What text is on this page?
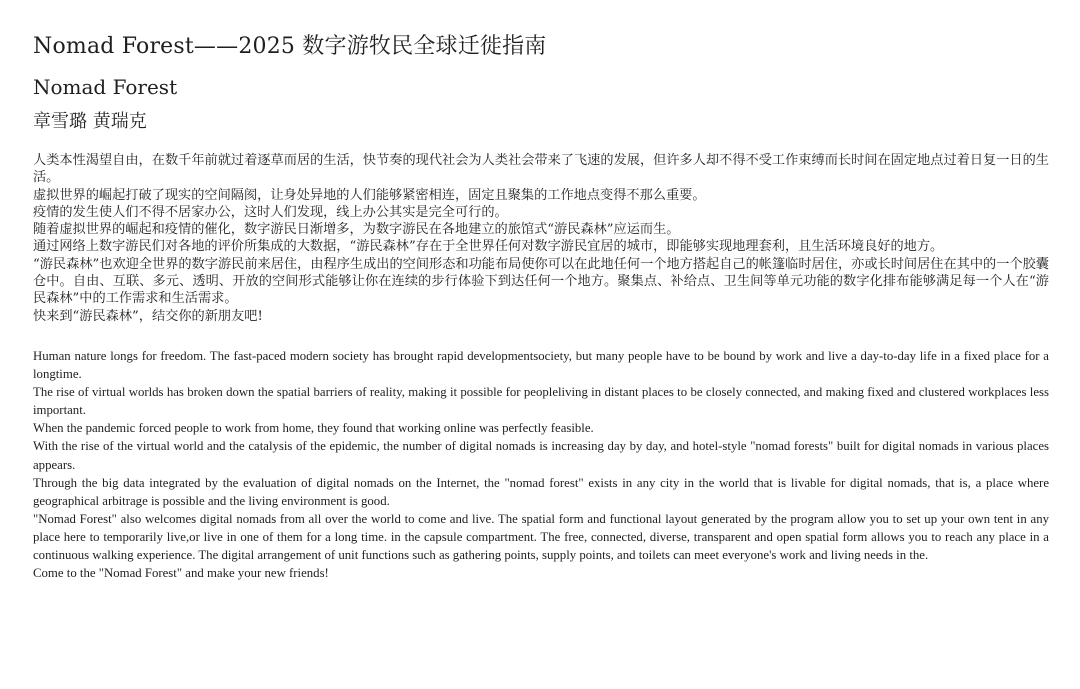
Nomad Forest——2025 数字游牧民全球迁徙指南
Nomad Forest
章雪璐 黄瑞克

人类本性渴望自由，在数千年前就过着逐草而居的生活，快节奏的现代社会为人类社会带来了飞速的发展，但许多人却不得不受工作束缚而长时间在固定地点过着日复一日的生活。

虚拟世界的崛起打破了现实的空间隔阂，让身处异地的人们能够紧密相连，固定且聚集的工作地点变得不那么重要。

疫情的发生使人们不得不居家办公，这时人们发现，线上办公其实是完全可行的。

随着虚拟世界的崛起和疫情的催化，数字游民日渐增多，为数字游民在各地建立的旅馆式“游民森林”应运而生。

通过网络上数字游民们对各地的评价所集成的大数据，“游民森林”存在于全世界任何对数字游民宜居的城市，即能够实现地理套利，且生活环境良好的地方。

“游民森林”也欢迎全世界的数字游民前来居住，由程序生成出的空间形态和功能布局使你可以在此地任何一个地方搭起自己的帐篷临时居住，亦或长时间居住在其中的一个胶囊仓中。自由、互联、多元、透明、开放的空间形式能够让你在连续的步行体验下到达任何一个地方。聚集点、补给点、卫生间等单元功能的数字化排布能够满足每一个人在“游民森林”中的工作需求和生活需求。

快来到“游民森林”，结交你的新朋友吧!

Human nature longs for freedom. The fast-paced modern society has brought rapid developmentsociety, but many people have to be bound by work and live a day-to-day life in a fixed place for a longtime.

The rise of virtual worlds has broken down the spatial barriers of reality, making it possible for peopleliving in distant places to be closely connected, and making fixed and clustered workplaces less important.

When the pandemic forced people to work from home, they found that working online was perfectly feasible.

With the rise of the virtual world and the catalysis of the epidemic, the number of digital nomads is increasing day by day, and hotel-style "nomad forests" built for digital nomads in various places appears.

Through the big data integrated by the evaluation of digital nomads on the Internet, the "nomad forest" exists in any city in the world that is livable for digital nomads, that is, a place where geographical arbitrage is possible and the living environment is good.

"Nomad Forest" also welcomes digital nomads from all over the world to come and live. The spatial form and functional layout generated by the program allow you to set up your own tent in any place here to temporarily live,or live in one of them for a long time. in the capsule compartment. The free, connected, diverse, transparent and open spatial form allows you to reach any place in a continuous walking experience. The digital arrangement of unit functions such as gathering points, supply points, and toilets can meet everyone's work and living needs in the.

Come to the "Nomad Forest" and make your new friends!
